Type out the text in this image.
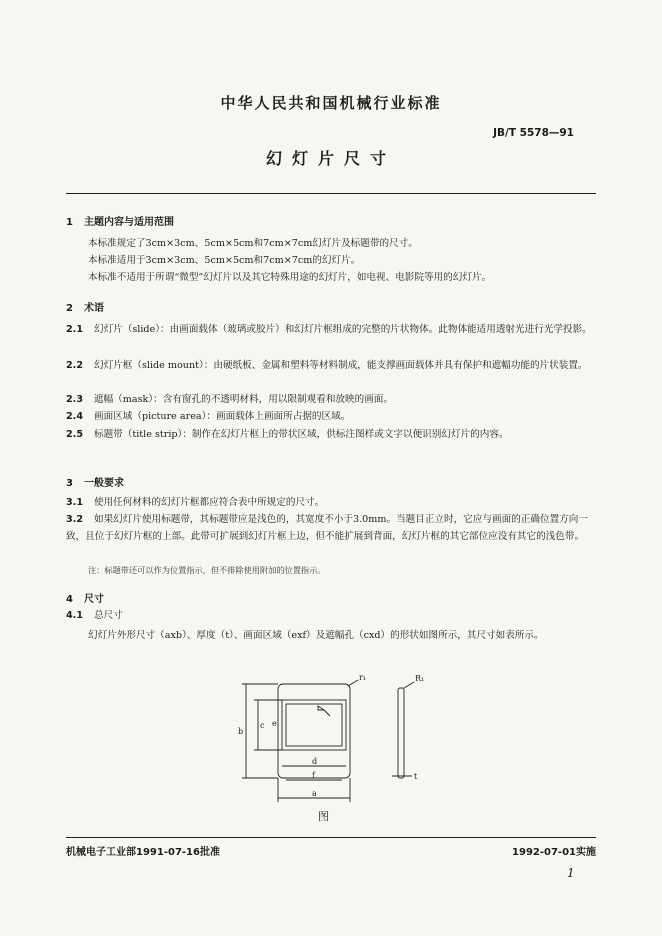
中华人民共和国机械行业标准
JB/T 5578—91
幻灯片尺寸
1 主题内容与适用范围
本标准规定了3cm×3cm、5cm×5cm和7cm×7cm幻灯片及标题带的尺寸。
本标准适用于3cm×3cm、5cm×5cm和7cm×7cm的幻灯片。
本标准不适用于所谓“微型”幻灯片以及其它特殊用途的幻灯片，如电视、电影院等用的幻灯片。
2 术语
2.1 幻灯片（slide）：由画面载体（玻璃或胶片）和幻灯片框组成的完整的片状物体。此物体能适用透射光进行光学投影。
2.2 幻灯片框（slide mount）：由硬纸板、金属和塑料等材料制成，能支撑画面载体并具有保护和遮幅功能的片状装置。
2.3 遮幅（mask）：含有窗孔的不透明材料，用以限制观看和放映的画面。
2.4 画面区域（picture area）：画面载体上画面所占据的区域。
2.5 标题带（title strip）：制作在幻灯片框上的带状区域，供标注图样或文字以便识别幻灯片的内容。
3 一般要求
3.1 使用任何材料的幻灯片框都应符合表中所规定的尺寸。
3.2 如果幻灯片使用标题带，其标题带应是浅色的，其宽度不小于3.0mm。当题目正立时，它应与画面的正确位置方向一致，且位于幻灯片框的上部。此带可扩展到幻灯片框上边，但不能扩展到背面，幻灯片框的其它部位应没有其它的浅色带。
注：标题带还可以作为位置指示，但不排除使用附加的位置指示。
4 尺寸
4.1 总尺寸
幻灯片外形尺寸（axb）、厚度（t）、画面区域（exf）及遮幅孔（cxd）的形状如图所示，其尺寸如表所示。
r₁	R₁
b
c
d
f
a
e
t
图
机械电子工业部1991-07-16批准	1992-07-01实施
1
